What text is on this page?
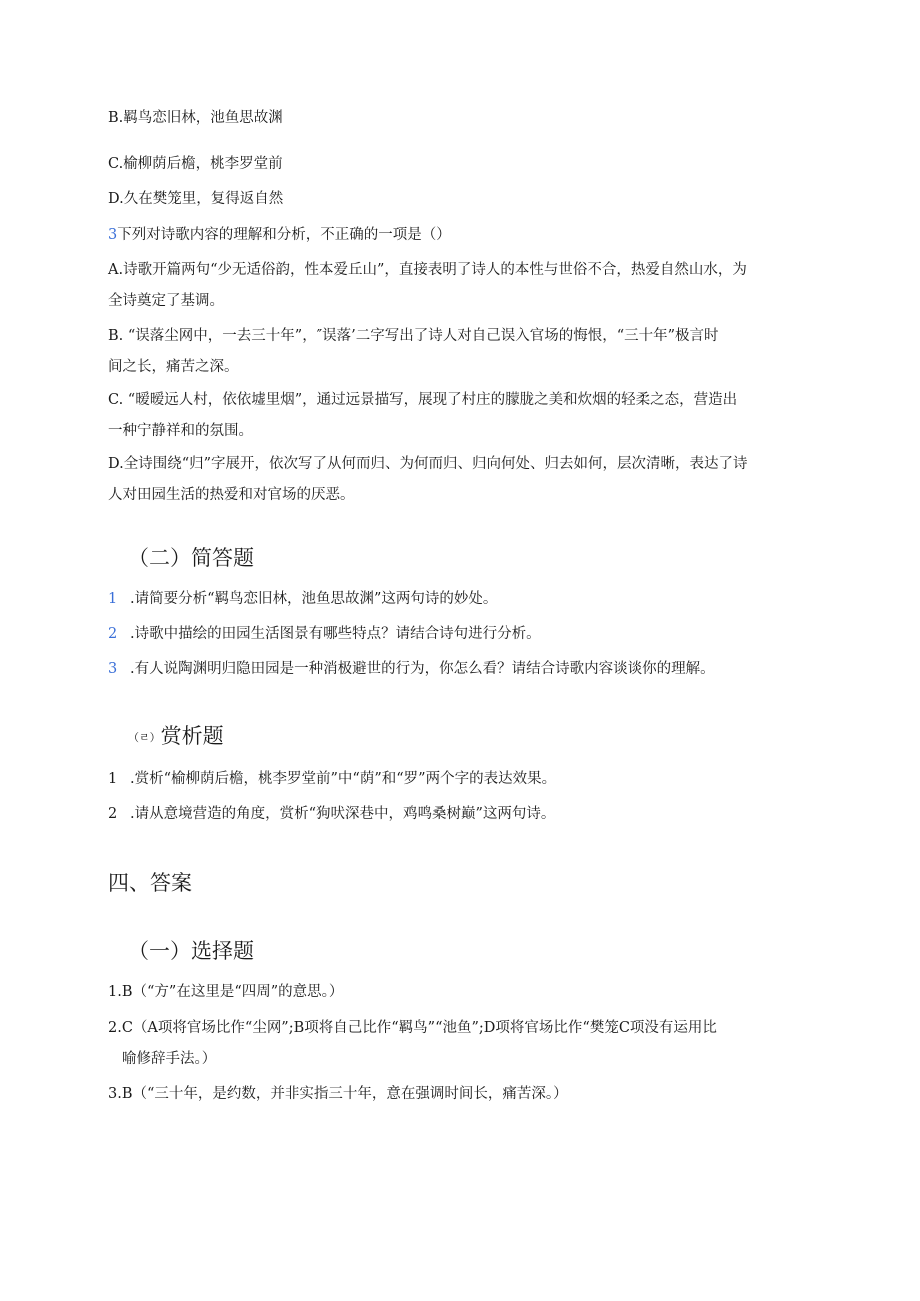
B.羁鸟恋旧林，池鱼思故渊
C.榆柳荫后檐，桃李罗堂前
D.久在樊笼里，复得返自然
3下列对诗歌内容的理解和分析，不正确的一项是（）
A.诗歌开篇两句“少无适俗韵，性本爱丘山”，直接表明了诗人的本性与世俗不合，热爱自然山水，为
全诗奠定了基调。
B. “误落尘网中，一去三十年”，″误落’二字写出了诗人对自己误入官场的悔恨，“三十年”极言时
间之长，痛苦之深。
C. “暧暧远人村，依依墟里烟”，通过远景描写，展现了村庄的朦胧之美和炊烟的轻柔之态，营造出
一种宁静祥和的氛围。
D.全诗围绕“归”字展开，依次写了从何而归、为何而归、归向何处、归去如何，层次清晰，表达了诗
人对田园生活的热爱和对官场的厌恶。
（二）简答题
1 .请简要分析“羁鸟恋旧林，池鱼思故渊”这两句诗的妙处。
2 .诗歌中描绘的田园生活图景有哪些特点？请结合诗句进行分析。
3 .有人说陶渊明归隐田园是一种消极避世的行为，你怎么看？请结合诗歌内容谈谈你的理解。
（ㄹ）赏析题
1 .赏析“榆柳荫后檐，桃李罗堂前”中“荫”和“罗”两个字的表达效果。
2 .请从意境营造的角度，赏析“狗吠深巷中，鸡鸣桑树巅”这两句诗。
四、答案
（一）选择题
1.B（“方”在这里是“四周”的意思。）
2.C（A项将官场比作“尘网”;B项将自己比作“羁鸟”“池鱼”;D项将官场比作“樊笼C项没有运用比
喻修辞手法。）
3.B（“三十年，是约数，并非实指三十年，意在强调时间长，痛苦深。）
